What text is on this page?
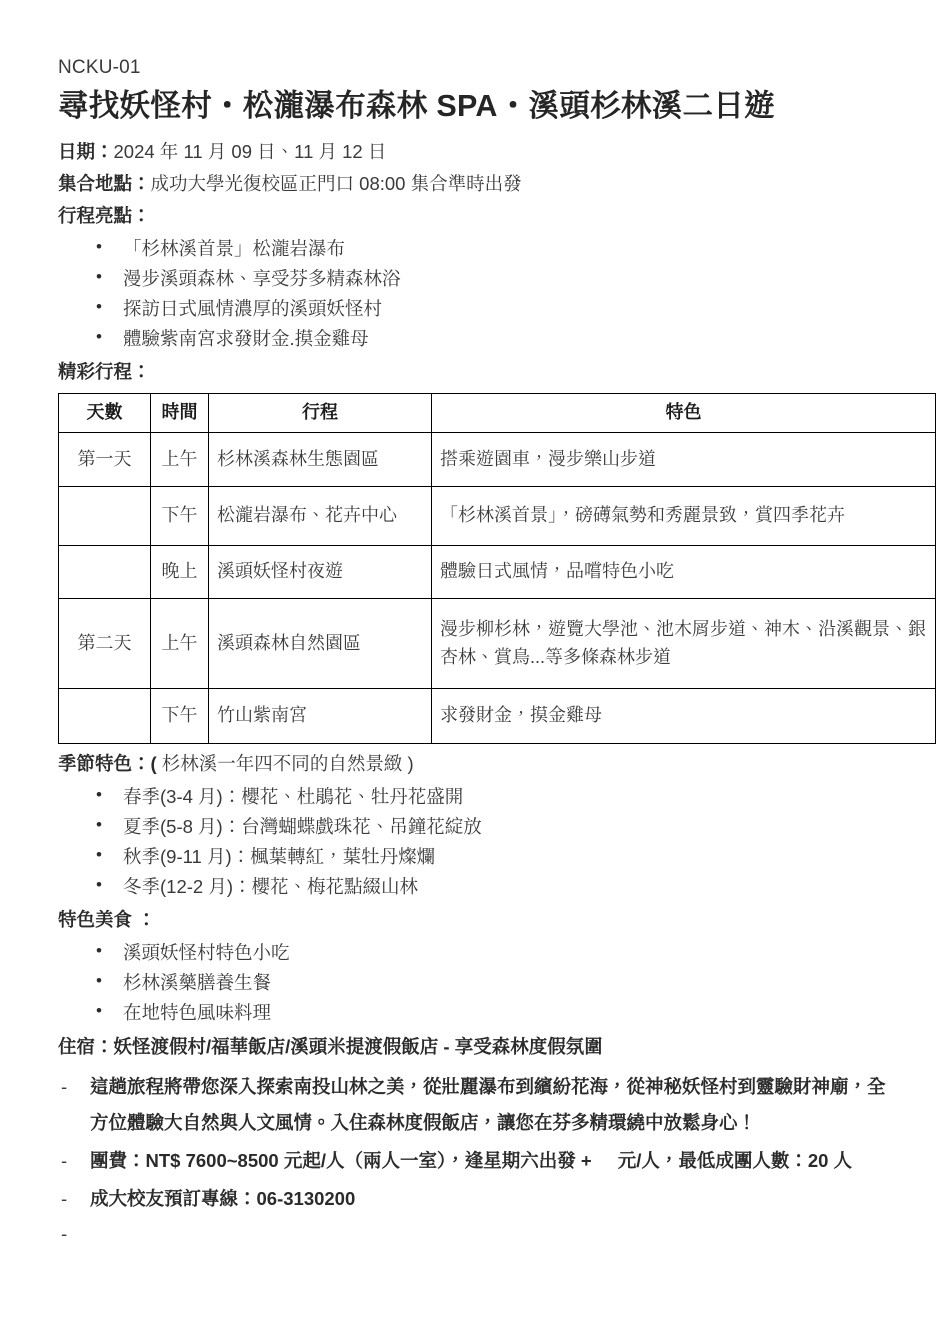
NCKU-01
尋找妖怪村・松瀧瀑布森林 SPA・溪頭杉林溪二日遊

日期：2024 年 11 月 09 日、11 月 12 日

集合地點：成功大學光復校區正門口 08:00 集合準時出發

行程亮點：

• 「杉林溪首景」松瀧岩瀑布
• 漫步溪頭森林、享受芬多精森林浴
• 探訪日式風情濃厚的溪頭妖怪村
• 體驗紫南宮求發財金.摸金雞母

精彩行程：

天數	時間	行程	特色
第一天	上午	杉林溪森林生態園區	搭乘遊園車，漫步樂山步道
	下午	松瀧岩瀑布、花卉中心	「杉林溪首景」，磅礡氣勢和秀麗景致，賞四季花卉
	晚上	溪頭妖怪村夜遊	體驗日式風情，品嚐特色小吃
第二天	上午	溪頭森林自然園區	漫步柳杉林，遊覽大學池、池木屑步道、神木、沿溪觀景、銀杏林、賞鳥...等多條森林步道
	下午	竹山紫南宮	求發財金，摸金雞母

季節特色：( 杉林溪一年四不同的自然景緻 )

• 春季(3-4 月)：櫻花、杜鵑花、牡丹花盛開
• 夏季(5-8 月)：台灣蝴蝶戲珠花、吊鐘花綻放
• 秋季(9-11 月)：楓葉轉紅，葉牡丹燦爛
• 冬季(12-2 月)：櫻花、梅花點綴山林

特色美食 ：

• 溪頭妖怪村特色小吃
• 杉林溪藥膳養生餐
• 在地特色風味料理

住宿：妖怪渡假村/福華飯店/溪頭米提渡假飯店 - 享受森林度假氛圍

- 這趟旅程將帶您深入探索南投山林之美，從壯麗瀑布到繽紛花海，從神秘妖怪村到靈驗財神廟，全方位體驗大自然與人文風情。入住森林度假飯店，讓您在芬多精環繞中放鬆身心！
- 團費：NT$ 7600~8500 元起/人（兩人一室），逢星期六出發 + 元/人，最低成團人數：20 人
- 成大校友預訂專線：06-3130200
-
